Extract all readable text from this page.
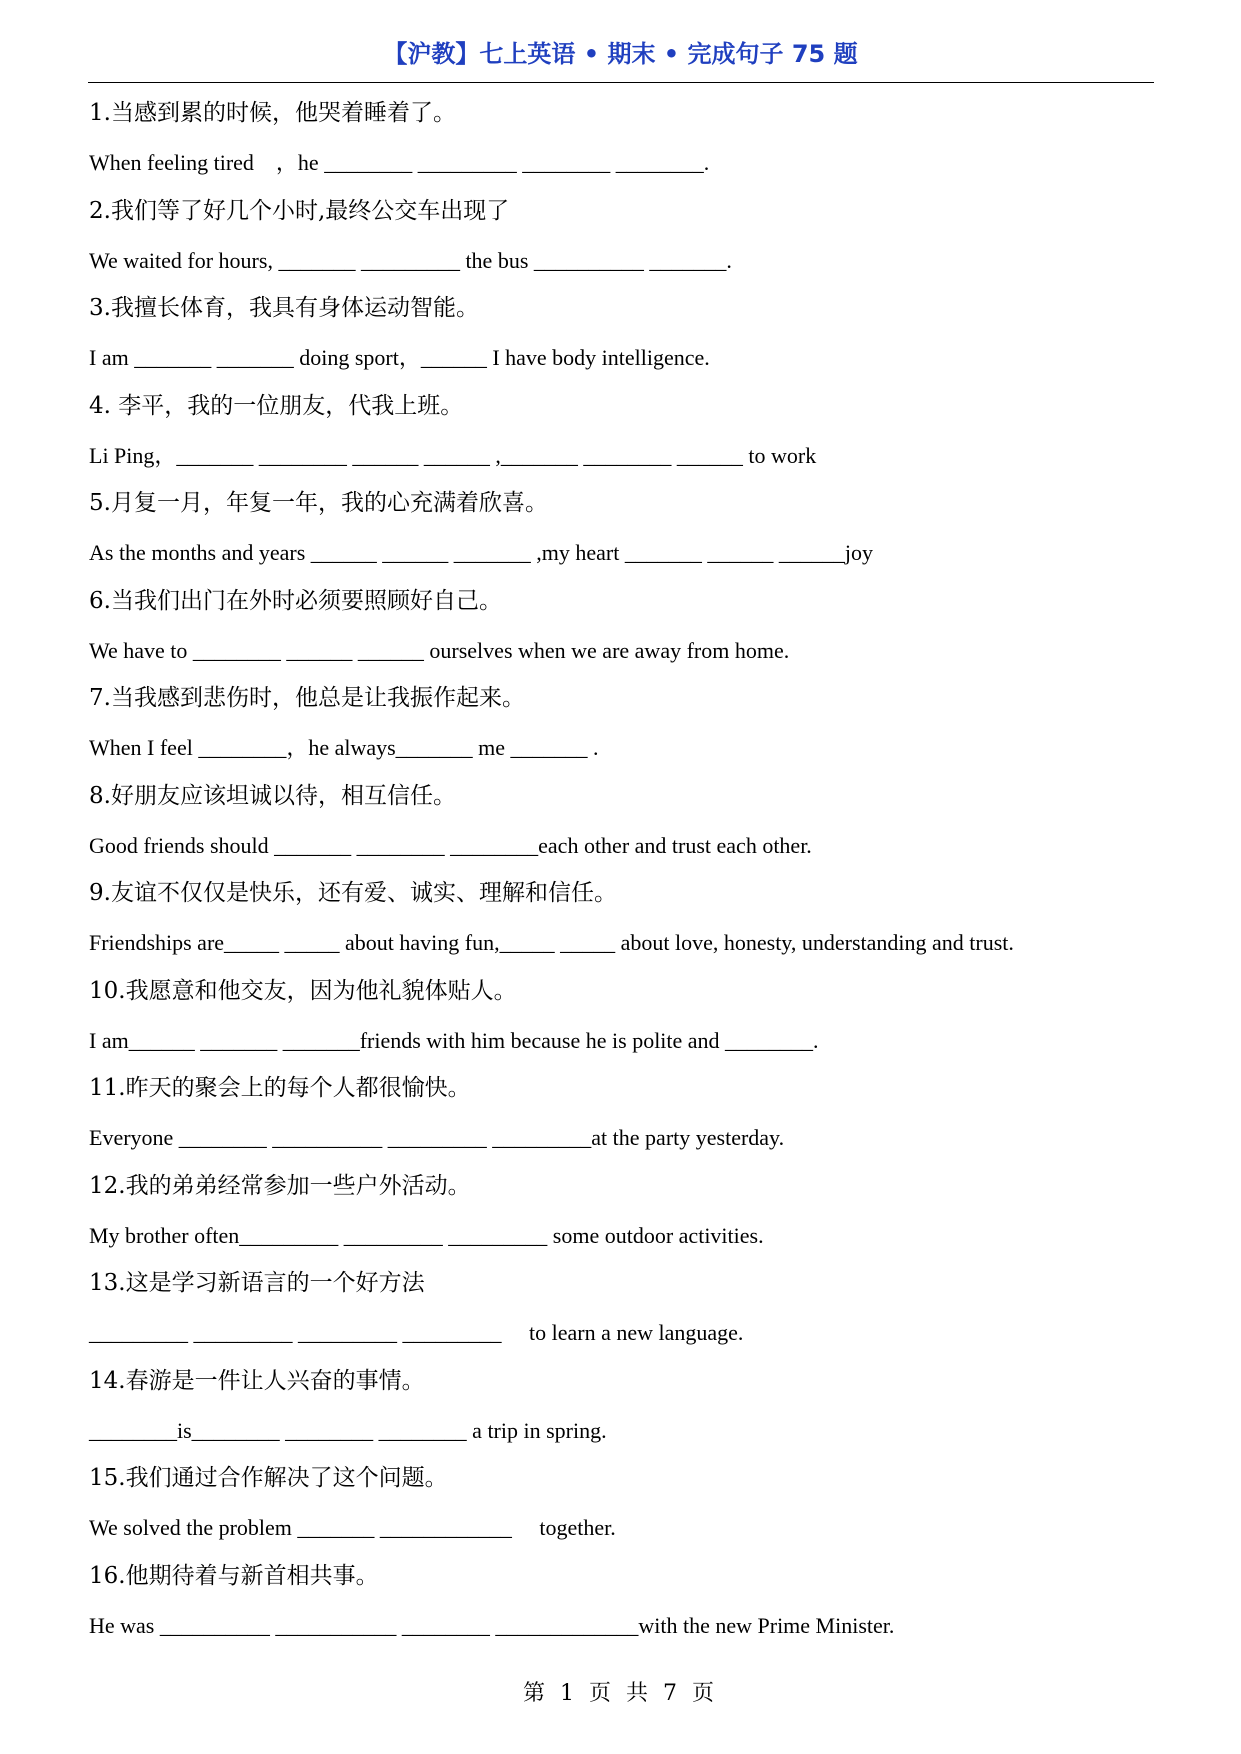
【沪教】七上英语 • 期末 • 完成句子 75 题
1.当感到累的时候，他哭着睡着了。
When feeling tired　，he ________ _________ ________ ________.
2.我们等了好几个小时,最终公交车出现了
We waited for hours, _______ _________ the bus __________ _______.
3.我擅长体育，我具有身体运动智能。
I am _______ _______ doing sport，______ I have body intelligence.
4. 李平，我的一位朋友，代我上班。
Li Ping，_______ ________ ______ ______ ,_______ ________ ______ to work
5.月复一月，年复一年，我的心充满着欣喜。
As the months and years ______ ______ _______ ,my heart _______ ______ ______joy
6.当我们出门在外时必须要照顾好自己。
We have to ________ ______ ______ ourselves when we are away from home.
7.当我感到悲伤时，他总是让我振作起来。
When I feel ________，he always_______ me _______ .
8.好朋友应该坦诚以待，相互信任。
Good friends should _______ ________ ________each other and trust each other.
9.友谊不仅仅是快乐，还有爱、诚实、理解和信任。
Friendships are_____ _____ about having fun,_____ _____ about love, honesty, understanding and trust.
10.我愿意和他交友，因为他礼貌体贴人。
I am______ _______ _______friends with him because he is polite and ________.
11.昨天的聚会上的每个人都很愉快。
Everyone ________ __________ _________ _________at the party yesterday.
12.我的弟弟经常参加一些户外活动。
My brother often_________ _________ _________ some outdoor activities.
13.这是学习新语言的一个好方法
_________ _________ _________ _________　 to learn a new language.
14.春游是一件让人兴奋的事情。
________is________ ________ ________ a trip in spring.
15.我们通过合作解决了这个问题。
We solved the problem _______ ____________　 together.
16.他期待着与新首相共事。
He was __________ ___________ ________ _____________with the new Prime Minister.
第 1 页 共 7 页
